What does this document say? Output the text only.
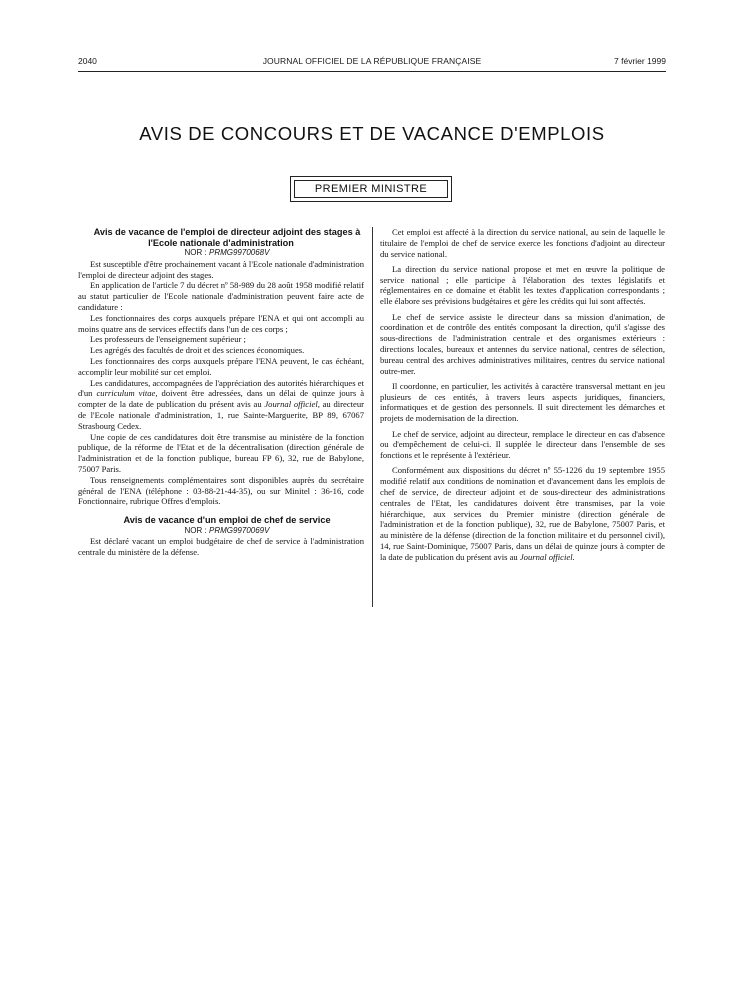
2040	JOURNAL OFFICIEL DE LA RÉPUBLIQUE FRANÇAISE	7 février 1999
AVIS DE CONCOURS ET DE VACANCE D'EMPLOIS
PREMIER MINISTRE

Avis de vacance de l'emploi de directeur adjoint des stages à l'Ecole nationale d'administration

NOR : PRMG9970068V

Est susceptible d'être prochainement vacant à l'Ecole nationale d'administration l'emploi de directeur adjoint des stages.

En application de l'article 7 du décret nº 58-989 du 28 août 1958 modifié relatif au statut particulier de l'Ecole nationale d'administration peuvent faire acte de candidature :

Les fonctionnaires des corps auxquels prépare l'ENA et qui ont accompli au moins quatre ans de services effectifs dans l'un de ces corps ;

Les professeurs de l'enseignement supérieur ;

Les agrégés des facultés de droit et des sciences économiques.

Les fonctionnaires des corps auxquels prépare l'ENA peuvent, le cas échéant, accomplir leur mobilité sur cet emploi.

Les candidatures, accompagnées de l'appréciation des autorités hiérarchiques et d'un curriculum vitae, doivent être adressées, dans un délai de quinze jours à compter de la date de publication du présent avis au Journal officiel, au directeur de l'Ecole nationale d'administration, 1, rue Sainte-Marguerite, BP 89, 67067 Strasbourg Cedex.

Une copie de ces candidatures doit être transmise au ministère de la fonction publique, de la réforme de l'Etat et de la décentralisation (direction générale de l'administration et de la fonction publique, bureau FP 6), 32, rue de Babylone, 75007 Paris.

Tous renseignements complémentaires sont disponibles auprès du secrétaire général de l'ENA (téléphone : 03-88-21-44-35), ou sur Minitel : 36-16, code Fonctionnaire, rubrique Offres d'emplois.

Avis de vacance d'un emploi de chef de service

NOR : PRMG9970069V

Est déclaré vacant un emploi budgétaire de chef de service à l'administration centrale du ministère de la défense.

Cet emploi est affecté à la direction du service national, au sein de laquelle le titulaire de l'emploi de chef de service exerce les fonctions d'adjoint au directeur du service national.

La direction du service national propose et met en œuvre la politique de service national ; elle participe à l'élaboration des textes législatifs et réglementaires en ce domaine et établit les textes d'application correspondants ; elle élabore ses prévisions budgétaires et gère les crédits qui lui sont affectés.

Le chef de service assiste le directeur dans sa mission d'animation, de coordination et de contrôle des entités composant la direction, qu'il s'agisse des sous-directions de l'administration centrale et des organismes extérieurs : directions locales, bureaux et antennes du service national, centres de sélection, bureau central des archives administratives militaires, centres du service national outre-mer.

Il coordonne, en particulier, les activités à caractère transversal mettant en jeu plusieurs de ces entités, à travers leurs aspects juridiques, financiers, informatiques et de gestion des personnels. Il suit directement les démarches et projets de modernisation de la direction.

Le chef de service, adjoint au directeur, remplace le directeur en cas d'absence ou d'empêchement de celui-ci. Il supplée le directeur dans l'ensemble de ses fonctions et le représente à l'extérieur.

Conformément aux dispositions du décret nº 55-1226 du 19 septembre 1955 modifié relatif aux conditions de nomination et d'avancement dans les emplois de chef de service, de directeur adjoint et de sous-directeur des administrations centrales de l'Etat, les candidatures doivent être transmises, par la voie hiérarchique, aux services du Premier ministre (direction générale de l'administration et de la fonction publique), 32, rue de Babylone, 75007 Paris, et au ministère de la défense (direction de la fonction militaire et du personnel civil), 14, rue Saint-Dominique, 75007 Paris, dans un délai de quinze jours à compter de la date de publication du présent avis au Journal officiel.
